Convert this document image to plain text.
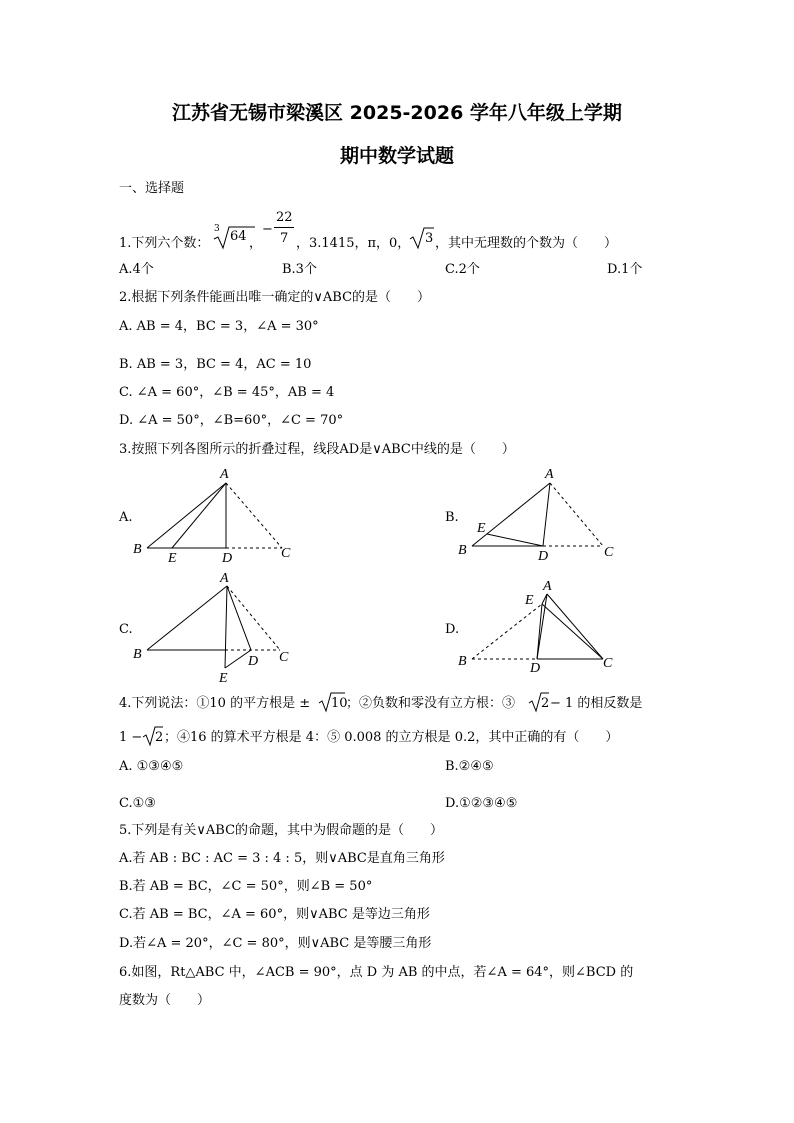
江苏省无锡市梁溪区 2025-2026 学年八年级上学期
期中数学试题
一、选择题
1.下列六个数：
3 64 ，
−
22
7 ，3.1415，π，0， 3 ，其中无理数的个数为（　　）
A.4个	B.3个	C.2个	D.1个
2.根据下列条件能画出唯一确定的∨ABC的是（　　）
A. AB = 4，BC = 3，∠A = 30°
B. AB = 3，BC = 4，AC = 10
C. ∠A = 60°，∠B = 45°，AB = 4
D. ∠A = 50°，∠B=60°，∠C = 70°
3.按照下列各图所示的折叠过程，线段AD是∨ABC中线的是（　　）
A.	B.
C.	D.
A
B
E	D	C
A
E
B	D	C
A
B	D C
E
A
E
B	D	C
4.下列说法：①10 的平方根是 ± 10
；②负数和零没有立方根：③ 2 − 1 的相反数是
1 − 2 ；④16 的算术平方根是 4：⑤ 0.008 的立方根是 0.2，其中正确的有（　　）
A. ①③④⑤	B.②④⑤
C.①③	D.①②③④⑤
5.下列是有关∨ABC的命题，其中为假命题的是（　　）
A.若 AB : BC : AC = 3 : 4 : 5，则∨ABC是直角三角形
B.若 AB = BC，∠C = 50°，则∠B = 50°
C.若 AB = BC，∠A = 60°，则∨ABC 是等边三角形
D.若∠A = 20°，∠C = 80°，则∨ABC 是等腰三角形
6.如图，Rt△ABC 中，∠ACB = 90°，点 D 为 AB 的中点，若∠A = 64°，则∠BCD 的
度数为（　　）
